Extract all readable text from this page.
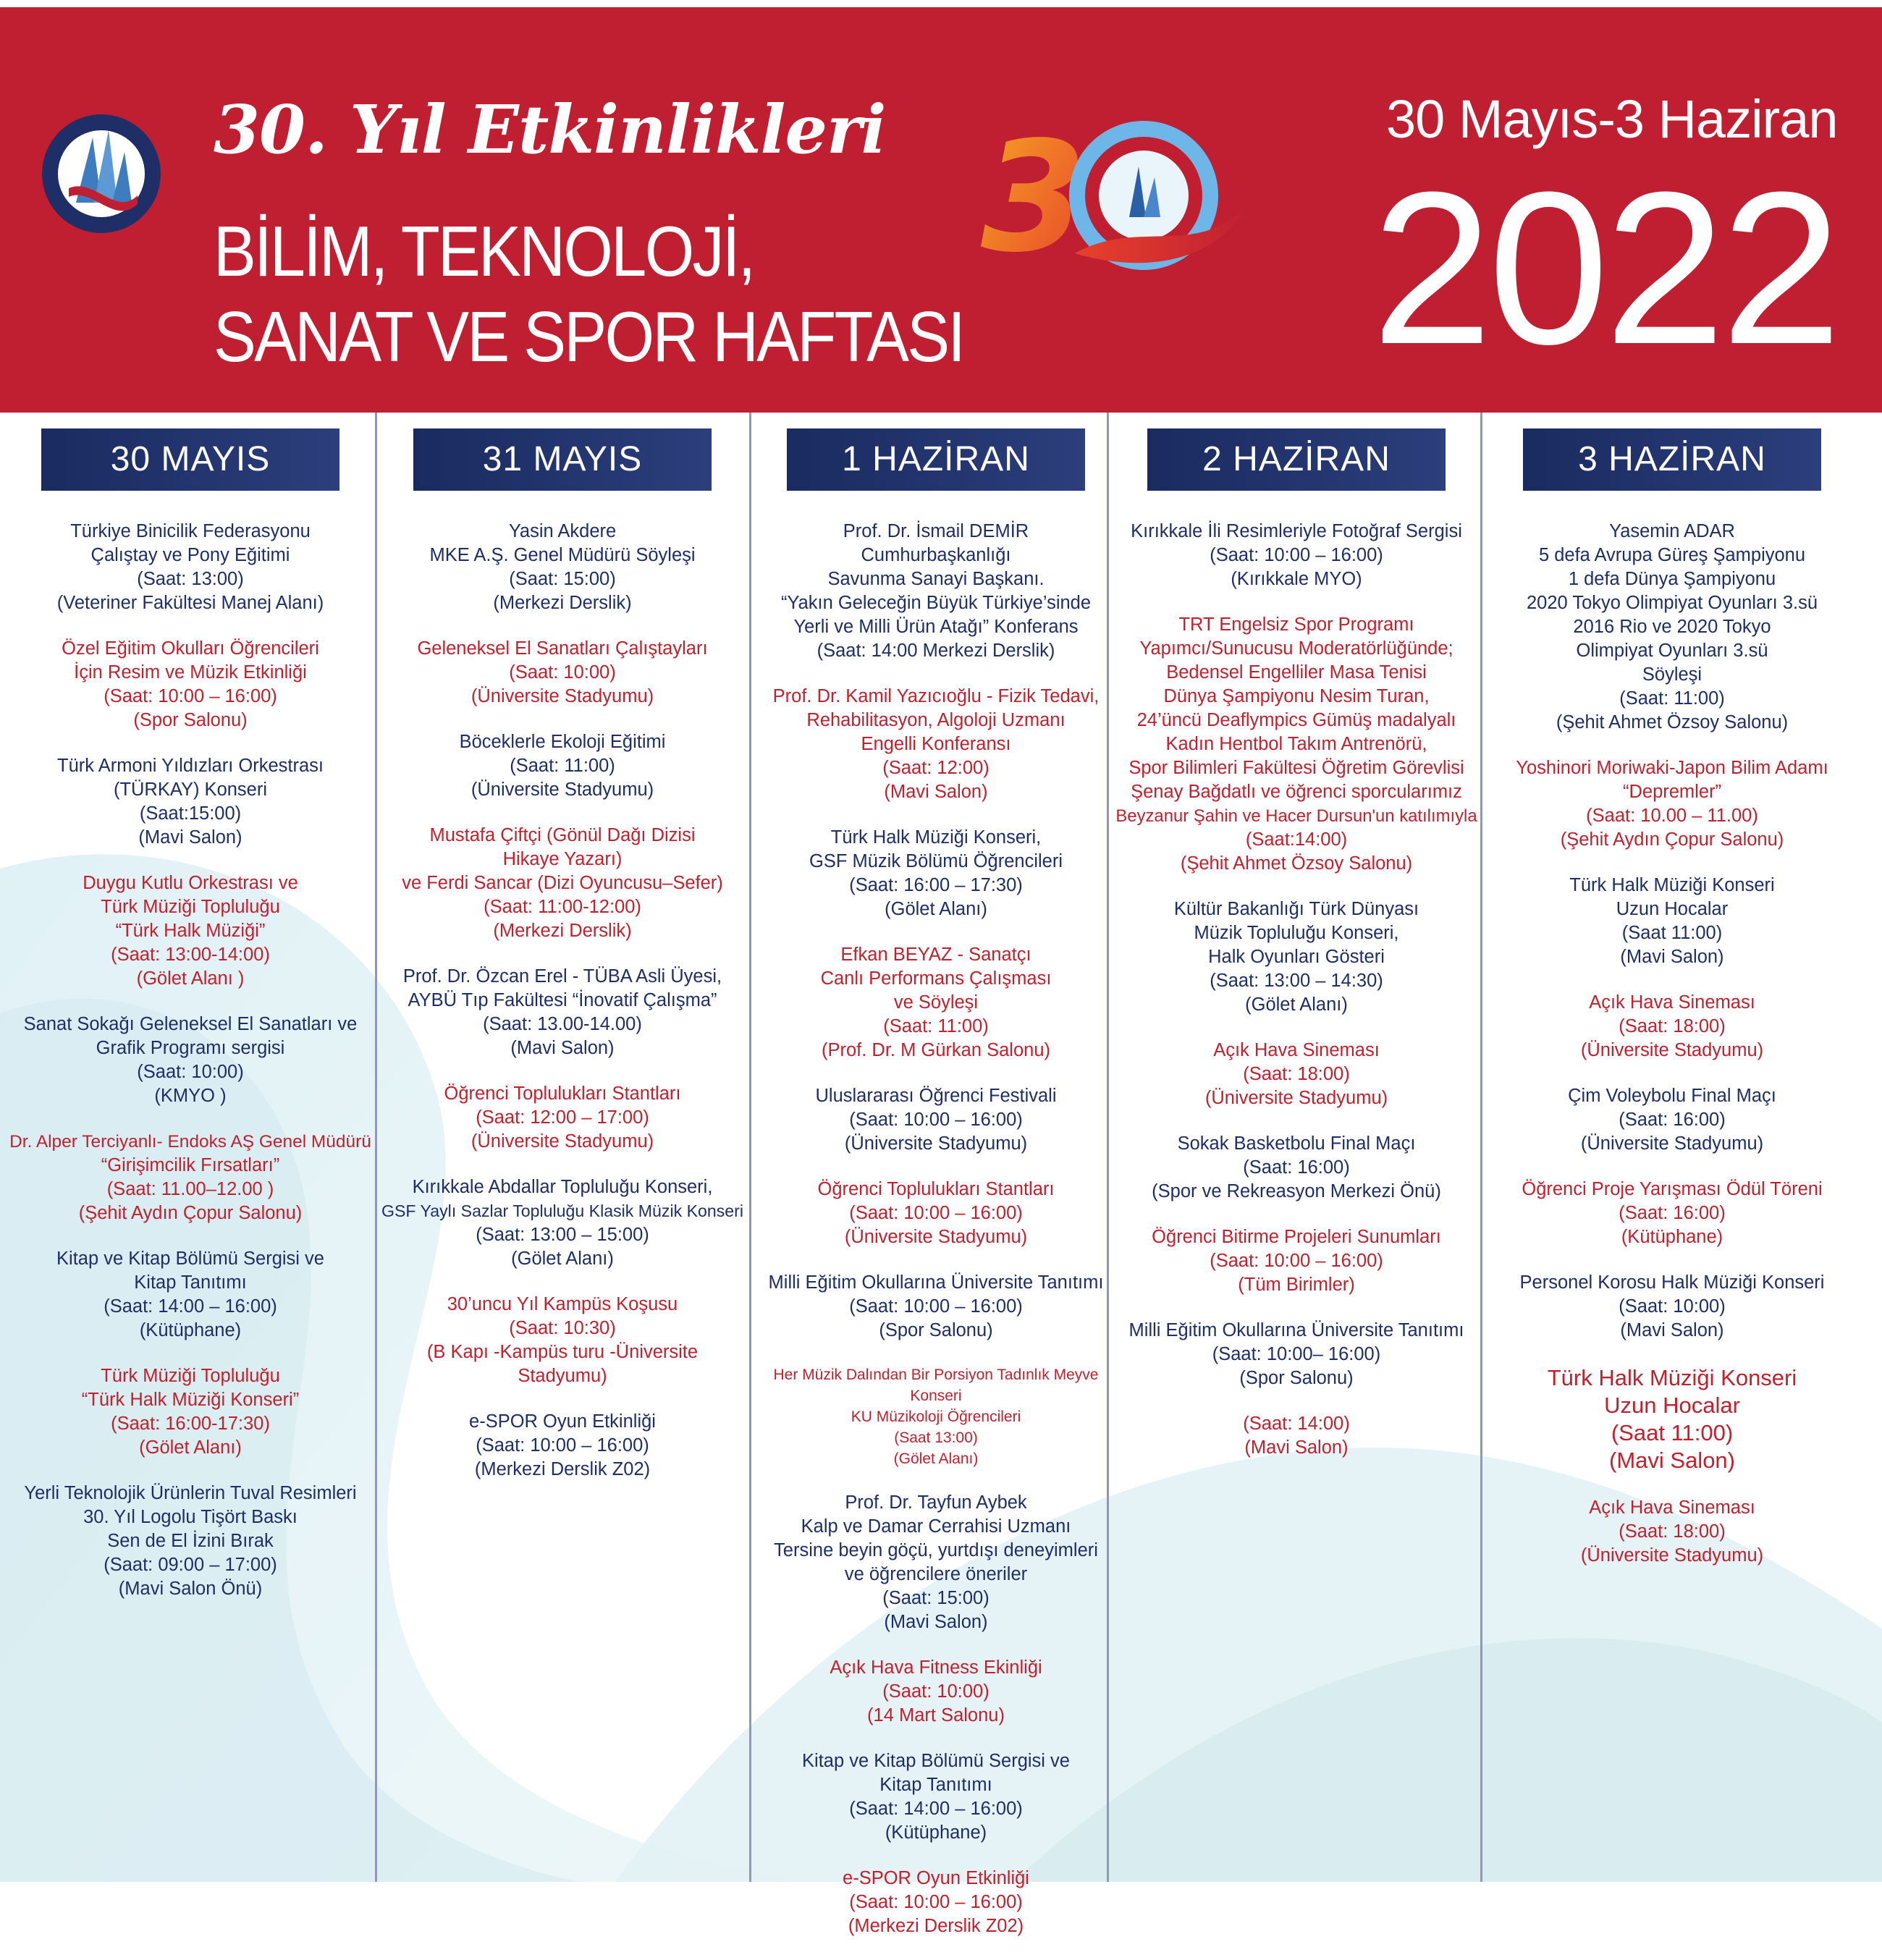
30. Yıl Etkinlikleri
BİLİM, TEKNOLOJİ,
SANAT VE SPOR HAFTASI
3	30 Mayıs-3 Haziran
2022
30 MAYIS
Türkiye Binicilik Federasyonu
Çalıştay ve Pony Eğitimi
(Saat: 13:00)
(Veteriner Fakültesi Manej Alanı)
Özel Eğitim Okulları Öğrencileri
İçin Resim ve Müzik Etkinliği
(Saat: 10:00 – 16:00)
(Spor Salonu)
Türk Armoni Yıldızları Orkestrası
(TÜRKAY) Konseri
(Saat:15:00)
(Mavi Salon)
Duygu Kutlu Orkestrası ve
Türk Müziği Topluluğu
“Türk Halk Müziği”
(Saat: 13:00-14:00)
(Gölet Alanı )
Sanat Sokağı Geleneksel El Sanatları ve
Grafik Programı sergisi
(Saat: 10:00)
(KMYO )
Dr. Alper Terciyanlı- Endoks AŞ Genel Müdürü
“Girişimcilik Fırsatları”
(Saat: 11.00–12.00 )
(Şehit Aydın Çopur Salonu)
Kitap ve Kitap Bölümü Sergisi ve
Kitap Tanıtımı
(Saat: 14:00 – 16:00)
(Kütüphane)
Türk Müziği Topluluğu
“Türk Halk Müziği Konseri”
(Saat: 16:00-17:30)
(Gölet Alanı)
Yerli Teknolojik Ürünlerin Tuval Resimleri
30. Yıl Logolu Tişört Baskı
Sen de El İzini Bırak
(Saat: 09:00 – 17:00)
(Mavi Salon Önü)
31 MAYIS
Yasin Akdere
MKE A.Ş. Genel Müdürü Söyleşi
(Saat: 15:00)
(Merkezi Derslik)
Geleneksel El Sanatları Çalıştayları
(Saat: 10:00)
(Üniversite Stadyumu)
Böceklerle Ekoloji Eğitimi
(Saat: 11:00)
(Üniversite Stadyumu)
Mustafa Çiftçi (Gönül Dağı Dizisi
Hikaye Yazarı)
ve Ferdi Sancar (Dizi Oyuncusu–Sefer)
(Saat: 11:00-12:00)
(Merkezi Derslik)
Prof. Dr. Özcan Erel - TÜBA Asli Üyesi,
AYBÜ Tıp Fakültesi “İnovatif Çalışma”
(Saat: 13.00-14.00)
(Mavi Salon)
Öğrenci Toplulukları Stantları
(Saat: 12:00 – 17:00)
(Üniversite Stadyumu)
Kırıkkale Abdallar Topluluğu Konseri,
GSF Yaylı Sazlar Topluluğu Klasik Müzik Konseri
(Saat: 13:00 – 15:00)
(Gölet Alanı)
30’uncu Yıl Kampüs Koşusu
(Saat: 10:30)
(B Kapı -Kampüs turu -Üniversite
Stadyumu)
e-SPOR Oyun Etkinliği
(Saat: 10:00 – 16:00)
(Merkezi Derslik Z02)
1 HAZİRAN
Prof. Dr. İsmail DEMİR
Cumhurbaşkanlığı
Savunma Sanayi Başkanı.
“Yakın Geleceğin Büyük Türkiye’sinde
Yerli ve Milli Ürün Atağı” Konferans
(Saat: 14:00 Merkezi Derslik)
Prof. Dr. Kamil Yazıcıoğlu - Fizik Tedavi,
Rehabilitasyon, Algoloji Uzmanı
Engelli Konferansı
(Saat: 12:00)
(Mavi Salon)
Türk Halk Müziği Konseri,
GSF Müzik Bölümü Öğrencileri
(Saat: 16:00 – 17:30)
(Gölet Alanı)
Efkan BEYAZ - Sanatçı
Canlı Performans Çalışması
ve Söyleşi
(Saat: 11:00)
(Prof. Dr. M Gürkan Salonu)
Uluslararası Öğrenci Festivali
(Saat: 10:00 – 16:00)
(Üniversite Stadyumu)
Öğrenci Toplulukları Stantları
(Saat: 10:00 – 16:00)
(Üniversite Stadyumu)
Milli Eğitim Okullarına Üniversite Tanıtımı
(Saat: 10:00 – 16:00)
(Spor Salonu)
Her Müzik Dalından Bir Porsiyon Tadınlık Meyve
Konseri
KU Müzikoloji Öğrencileri
(Saat 13:00)
(Gölet Alanı)
Prof. Dr. Tayfun Aybek
Kalp ve Damar Cerrahisi Uzmanı
Tersine beyin göçü, yurtdışı deneyimleri
ve öğrencilere öneriler
(Saat: 15:00)
(Mavi Salon)
Açık Hava Fitness Ekinliği
(Saat: 10:00)
(14 Mart Salonu)
Kitap ve Kitap Bölümü Sergisi ve
Kitap Tanıtımı
(Saat: 14:00 – 16:00)
(Kütüphane)
e-SPOR Oyun Etkinliği
(Saat: 10:00 – 16:00)
(Merkezi Derslik Z02)
2 HAZİRAN
Kırıkkale İli Resimleriyle Fotoğraf Sergisi
(Saat: 10:00 – 16:00)
(Kırıkkale MYO)
TRT Engelsiz Spor Programı
Yapımcı/Sunucusu Moderatörlüğünde;
Bedensel Engelliler Masa Tenisi
Dünya Şampiyonu Nesim Turan,
24’üncü Deaflympics Gümüş madalyalı
Kadın Hentbol Takım Antrenörü,
Spor Bilimleri Fakültesi Öğretim Görevlisi
Şenay Bağdatlı ve öğrenci sporcularımız
Beyzanur Şahin ve Hacer Dursun'un katılımıyla
(Saat:14:00)
(Şehit Ahmet Özsoy Salonu)
Kültür Bakanlığı Türk Dünyası
Müzik Topluluğu Konseri,
Halk Oyunları Gösteri
(Saat: 13:00 – 14:30)
(Gölet Alanı)
Açık Hava Sineması
(Saat: 18:00)
(Üniversite Stadyumu)
Sokak Basketbolu Final Maçı
(Saat: 16:00)
(Spor ve Rekreasyon Merkezi Önü)
Öğrenci Bitirme Projeleri Sunumları
(Saat: 10:00 – 16:00)
(Tüm Birimler)
Milli Eğitim Okullarına Üniversite Tanıtımı
(Saat: 10:00– 16:00)
(Spor Salonu)
(Saat: 14:00)
(Mavi Salon)
3 HAZİRAN
Yasemin ADAR
5 defa Avrupa Güreş Şampiyonu
1 defa Dünya Şampiyonu
2020 Tokyo Olimpiyat Oyunları 3.sü
2016 Rio ve 2020 Tokyo
Olimpiyat Oyunları 3.sü
Söyleşi
(Saat: 11:00)
(Şehit Ahmet Özsoy Salonu)
Yoshinori Moriwaki-Japon Bilim Adamı
“Depremler”
(Saat: 10.00 – 11.00)
(Şehit Aydın Çopur Salonu)
Türk Halk Müziği Konseri
Uzun Hocalar
(Saat 11:00)
(Mavi Salon)
Açık Hava Sineması
(Saat: 18:00)
(Üniversite Stadyumu)
Çim Voleybolu Final Maçı
(Saat: 16:00)
(Üniversite Stadyumu)
Öğrenci Proje Yarışması Ödül Töreni
(Saat: 16:00)
(Kütüphane)
Personel Korosu Halk Müziği Konseri
(Saat: 10:00)
(Mavi Salon)
Türk Halk Müziği Konseri
Uzun Hocalar
(Saat 11:00)
(Mavi Salon)
Açık Hava Sineması
(Saat: 18:00)
(Üniversite Stadyumu)
